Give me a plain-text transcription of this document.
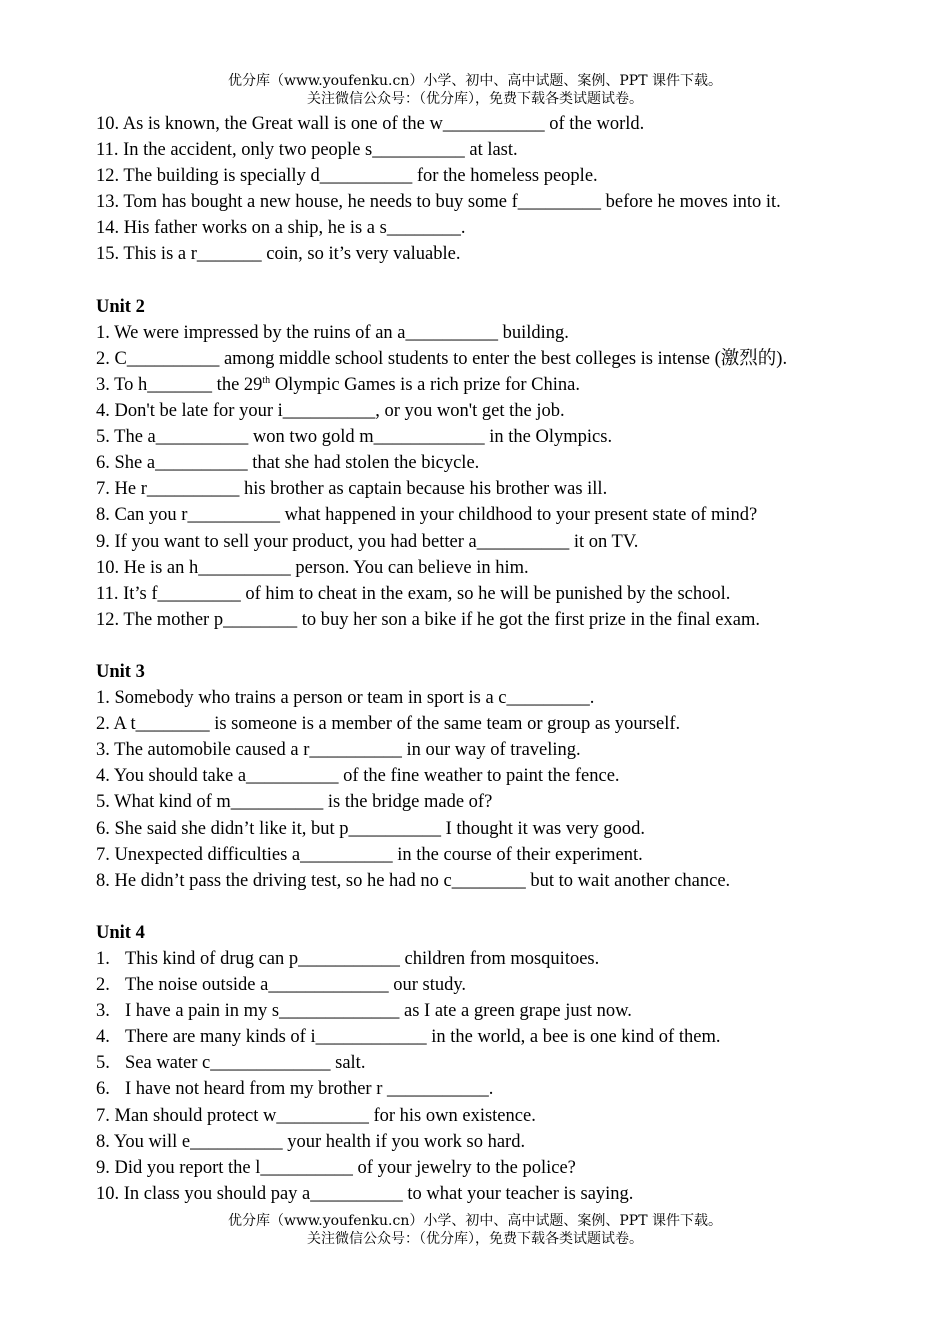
优分库（www.youfenku.cn）小学、初中、高中试题、案例、PPT 课件下载。
关注微信公众号：（优分库），免费下载各类试题试卷。
10. As is known, the Great wall is one of the w___________ of the world.
11. In the accident, only two people s__________ at last.
12. The building is specially d__________ for the homeless people.
13. Tom has bought a new house, he needs to buy some f_________ before he moves into it.
14. His father works on a ship, he is a s________.
15. This is a r_______ coin, so it’s very valuable.
Unit 2
1. We were impressed by the ruins of an a__________ building.
2. C__________ among middle school students to enter the best colleges is intense (激烈的).
3. To h_______ the 29th Olympic Games is a rich prize for China.
4. Don't be late for your i__________, or you won't get the job.
5. The a__________ won two gold m____________ in the Olympics.
6. She a__________ that she had stolen the bicycle.
7. He r__________ his brother as captain because his brother was ill.
8. Can you r__________ what happened in your childhood to your present state of mind?
9. If you want to sell your product, you had better a__________ it on TV.
10. He is an h__________ person. You can believe in him.
11. It’s f_________ of him to cheat in the exam, so he will be punished by the school.
12. The mother p________ to buy her son a bike if he got the first prize in the final exam.
Unit 3
1. Somebody who trains a person or team in sport is a c_________.
2. A t________ is someone is a member of the same team or group as yourself.
3. The automobile caused a r__________ in our way of traveling.
4. You should take a__________ of the fine weather to paint the fence.
5. What kind of m__________ is the bridge made of?
6. She said she didn’t like it, but p__________ I thought it was very good.
7. Unexpected difficulties a__________ in the course of their experiment.
8. He didn’t pass the driving test, so he had no c________ but to wait another chance.
Unit 4
1. This kind of drug can p___________ children from mosquitoes.
2. The noise outside a_____________ our study.
3. I have a pain in my s_____________ as I ate a green grape just now.
4. There are many kinds of i____________ in the world, a bee is one kind of them.
5. Sea water c_____________ salt.
6. I have not heard from my brother r ___________.
7. Man should protect w__________ for his own existence.
8. You will e__________ your health if you work so hard.
9. Did you report the l__________ of your jewelry to the police?
10. In class you should pay a__________ to what your teacher is saying.
优分库（www.youfenku.cn）小学、初中、高中试题、案例、PPT 课件下载。
关注微信公众号：（优分库），免费下载各类试题试卷。
